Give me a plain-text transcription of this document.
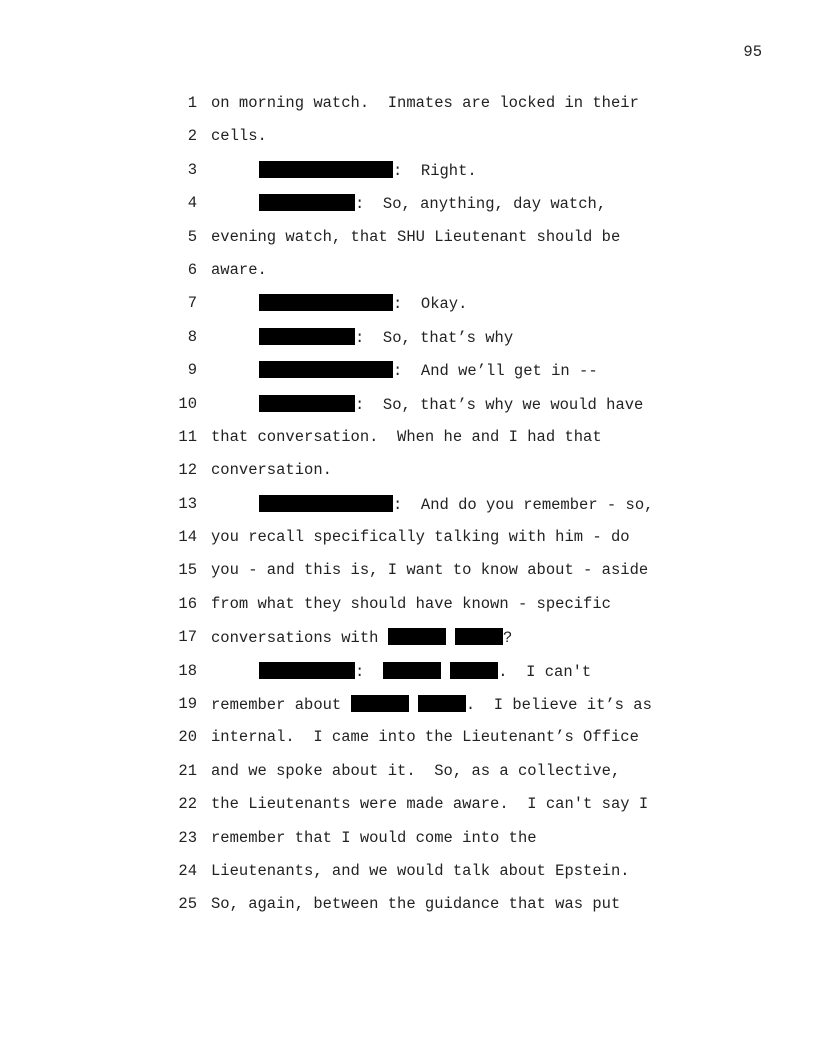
95

1

on morning watch.  Inmates are locked in their

2

cells.

3

	:  Right.

4

	:  So, anything, day watch,

5

evening watch, that SHU Lieutenant should be

6

aware.

7

	:  Okay.

8

	:  So, that’s why

9

	:  And we’ll get in --

10

	:  So, that’s why we would have

11

that conversation.  When he and I had that

12

conversation.

13

	:  And do you remember - so,

14

you recall specifically talking with him - do

15

you - and this is, I want to know about - aside

16

from what they should have known - specific

17

conversations with	?

18

	:	.  I can't

19

remember about	.  I believe it’s as

20

internal.  I came into the Lieutenant’s Office

21

and we spoke about it.  So, as a collective,

22

the Lieutenants were made aware.  I can't say I

23

remember that I would come into the

24

Lieutenants, and we would talk about Epstein.

25

So, again, between the guidance that was put
